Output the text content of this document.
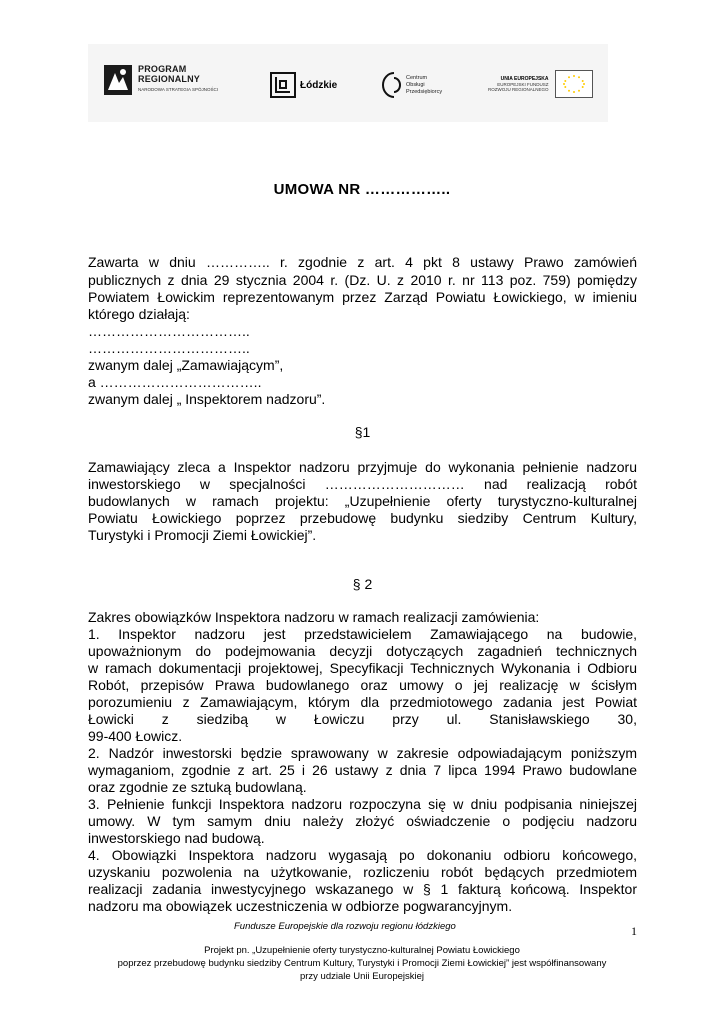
PROGRAM
REGIONALNY
NARODOWA STRATEGIA SPÓJNOŚCI	Łódzkie
Centrum
Obsługi
Przedsiębiorcy
UNIA EUROPEJSKA
EUROPEJSKI FUNDUSZ
ROZWOJU REGIONALNEGO
UMOWA NR ……………..
Zawarta w dniu ………….. r. zgodnie z art. 4 pkt 8 ustawy Prawo zamówień
publicznych z dnia 29 stycznia 2004 r. (Dz. U. z 2010 r. nr 113 poz. 759) pomiędzy
Powiatem Łowickim reprezentowanym przez Zarząd Powiatu Łowickiego, w imieniu
którego działają:
……………………………..
……………………………..
zwanym dalej „Zamawiającym”,
a ……………………………..
zwanym dalej „ Inspektorem nadzoru”.
§1
Zamawiający zleca a Inspektor nadzoru przyjmuje do wykonania pełnienie nadzoru
inwestorskiego w specjalności ………………………… nad realizacją robót
budowlanych w ramach projektu: „Uzupełnienie oferty turystyczno-kulturalnej
Powiatu Łowickiego poprzez przebudowę budynku siedziby Centrum Kultury,
Turystyki i Promocji Ziemi Łowickiej”.
§ 2
Zakres obowiązków Inspektora nadzoru w ramach realizacji zamówienia:
1. Inspektor nadzoru jest przedstawicielem Zamawiającego na budowie,
upoważnionym do podejmowania decyzji dotyczących zagadnień technicznych
w ramach dokumentacji projektowej, Specyfikacji Technicznych Wykonania i Odbioru
Robót, przepisów Prawa budowlanego oraz umowy o jej realizację w ścisłym
porozumieniu z Zamawiającym, którym dla przedmiotowego zadania jest Powiat
Łowicki z siedzibą w Łowiczu przy ul. Stanisławskiego 30,
99-400 Łowicz.
2. Nadzór inwestorski będzie sprawowany w zakresie odpowiadającym poniższym
wymaganiom, zgodnie z art. 25 i 26 ustawy z dnia 7 lipca 1994 Prawo budowlane
oraz zgodnie ze sztuką budowlaną.
3. Pełnienie funkcji Inspektora nadzoru rozpoczyna się w dniu podpisania niniejszej
umowy. W tym samym dniu należy złożyć oświadczenie o podjęciu nadzoru
inwestorskiego nad budową.
4. Obowiązki Inspektora nadzoru wygasają po dokonaniu odbioru końcowego,
uzyskaniu pozwolenia na użytkowanie, rozliczeniu robót będących przedmiotem
realizacji zadania inwestycyjnego wskazanego w § 1 fakturą końcową. Inspektor
nadzoru ma obowiązek uczestniczenia w odbiorze pogwarancyjnym.
Fundusze Europejskie dla rozwoju regionu łódzkiego	1
Projekt pn. „Uzupełnienie oferty turystyczno-kulturalnej Powiatu Łowickiego
poprzez przebudowę budynku siedziby Centrum Kultury, Turystyki i Promocji Ziemi Łowickiej” jest współfinansowany
przy udziale Unii Europejskiej
